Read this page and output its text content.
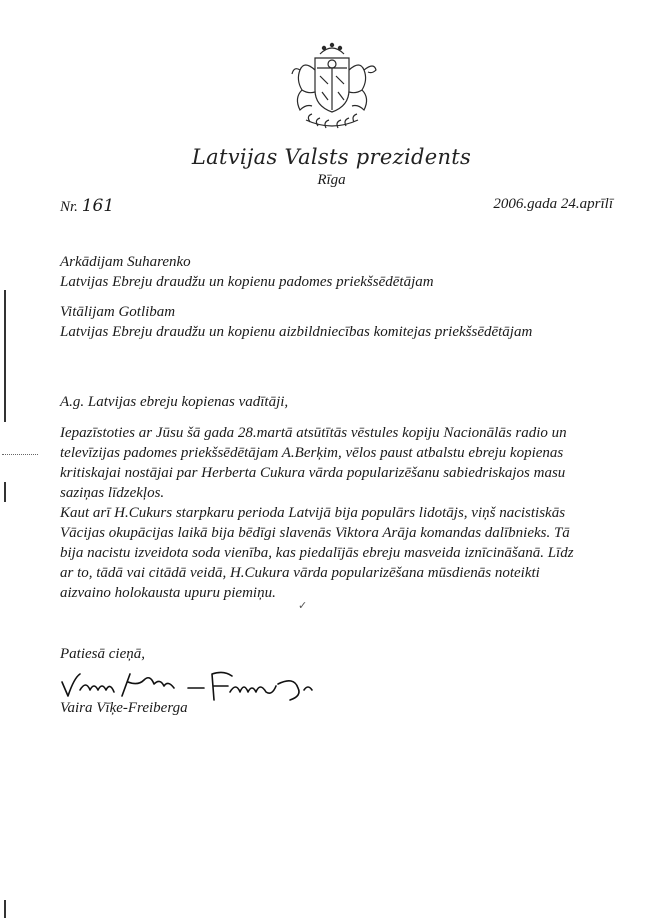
Latvijas Valsts prezidents
Rīga
Nr. 161	2006.gada 24.aprīlī
Arkādijam Suharenko
Latvijas Ebreju draudžu un kopienu padomes priekšsēdētājam
Vitālijam Gotlibam
Latvijas Ebreju draudžu un kopienu aizbildniecības komitejas priekšsēdētājam
A.g. Latvijas ebreju kopienas vadītāji,

Iepazīstoties ar Jūsu šā gada 28.martā atsūtītās vēstules kopiju Nacionālās radio un

televīzijas padomes priekšsēdētājam A.Berķim, vēlos paust atbalstu ebreju kopienas

kritiskajai nostājai par Herberta Cukura vārda popularizēšanu sabiedriskajos masu

saziņas līdzekļos.

Kaut arī H.Cukurs starpkaru perioda Latvijā bija populārs lidotājs, viņš nacistiskās

Vācijas okupācijas laikā bija bēdīgi slavenās Viktora Arāja komandas dalībnieks. Tā

bija nacistu izveidota soda vienība, kas piedalījās ebreju masveida iznīcināšanā. Līdz

ar to, tādā vai citādā veidā, H.Cukura vārda popularizēšana mūsdienās noteikti

aizvaino holokausta upuru piemiņu.

✓
Patiesā cieņā,
Vaira Vīķe-Freiberga
